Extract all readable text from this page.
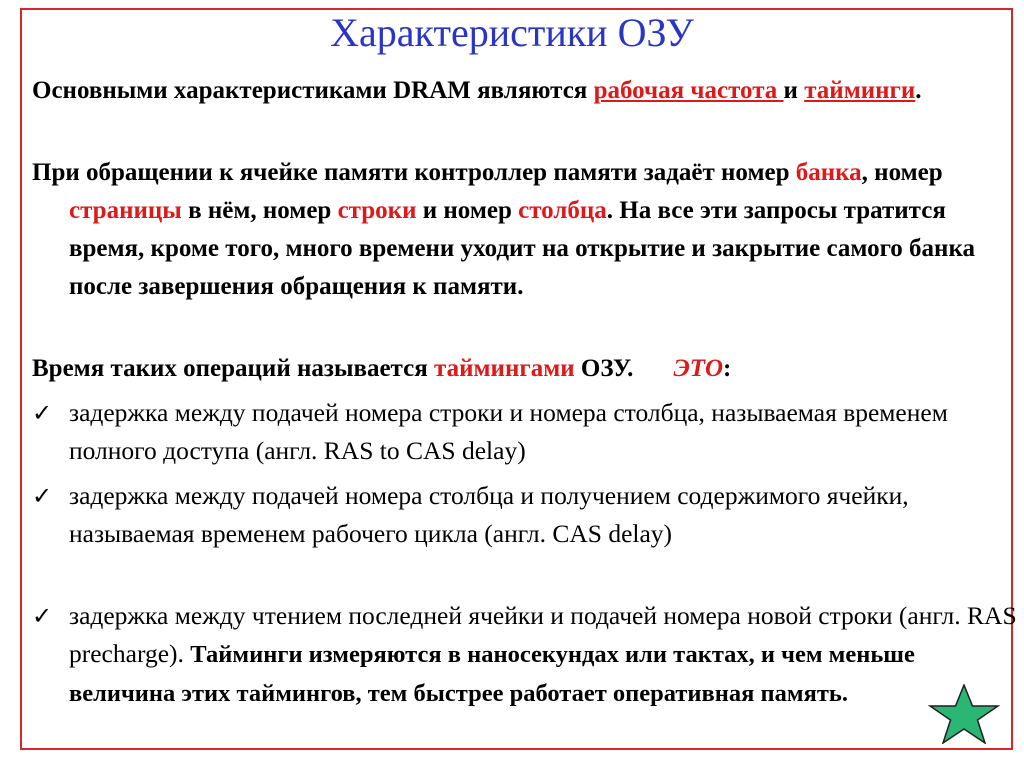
Характеристики ОЗУ
Основными характеристиками DRAM являются рабочая частота и тайминги.
При обращении к ячейке памяти контроллер памяти задаёт номер банка, номер страницы в нём, номер строки и номер столбца. На все эти запросы тратится время, кроме того, много времени уходит на открытие и закрытие самого банка после завершения обращения к памяти.
Время таких операций называется таймингами ОЗУ. ЭТО:
✓ задержка между подачей номера строки и номера столбца, называемая временем полного доступа (англ. RAS to CAS delay)
✓ задержка между подачей номера столбца и получением содержимого ячейки, называемая временем рабочего цикла (англ. CAS delay)
✓ задержка между чтением последней ячейки и подачей номера новой строки (англ. RAS precharge). Тайминги измеряются в наносекундах или тактах, и чем меньше величина этих таймингов, тем быстрее работает оперативная память.
